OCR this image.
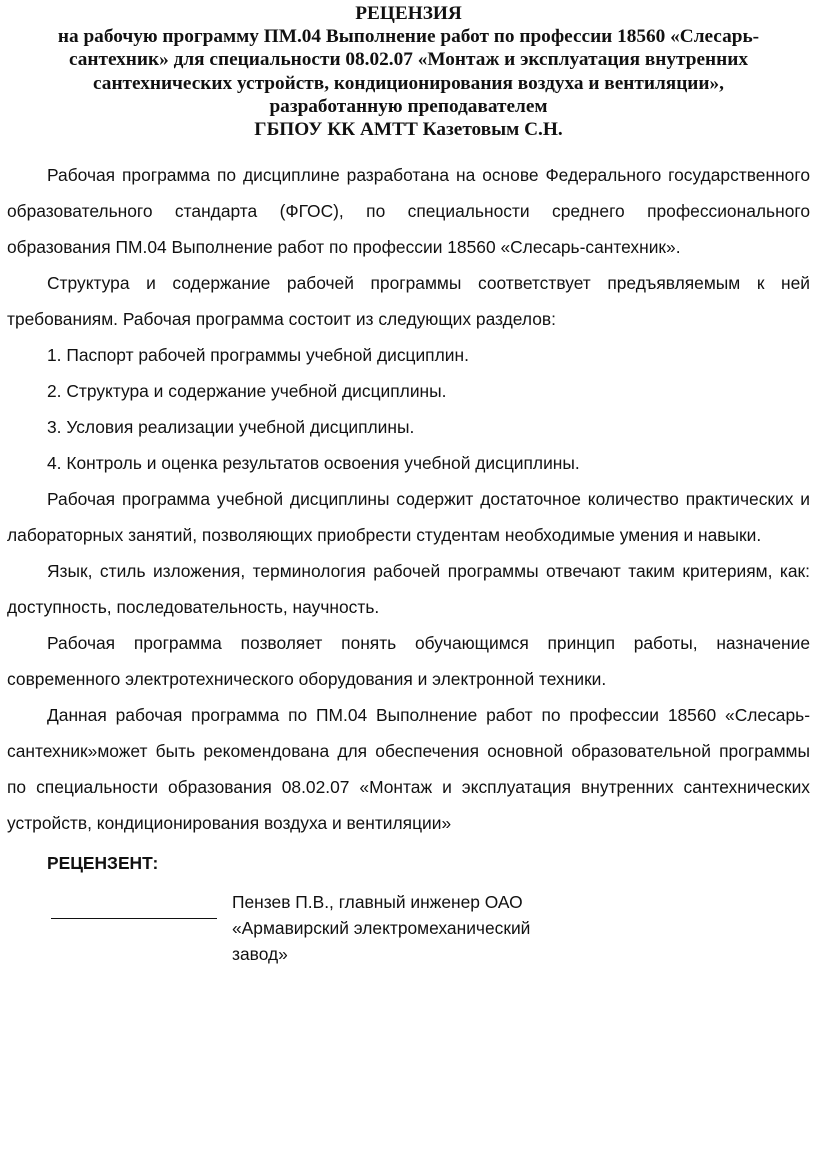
РЕЦЕНЗИЯ
на рабочую программу ПМ.04 Выполнение работ по профессии 18560 «Слесарь-
сантехник» для специальности 08.02.07 «Монтаж и эксплуатация внутренних
сантехнических устройств, кондиционирования воздуха и вентиляции»,
разработанную преподавателем
ГБПОУ КК АМТТ Казетовым С.Н.

Рабочая программа по дисциплине разработана на основе Федерального государственного образовательного стандарта (ФГОС), по специальности среднего профессионального образования ПМ.04 Выполнение работ по профессии 18560 «Слесарь-сантехник».

Структура и содержание рабочей программы соответствует предъявляемым к ней требованиям. Рабочая программа состоит из следующих разделов:

1. Паспорт рабочей программы учебной дисциплин.

2. Структура и содержание учебной дисциплины.

3. Условия реализации учебной дисциплины.

4. Контроль и оценка результатов освоения учебной дисциплины.

Рабочая программа учебной дисциплины содержит достаточное количество практических и лабораторных занятий, позволяющих приобрести студентам необходимые умения и навыки.

Язык, стиль изложения, терминология рабочей программы отвечают таким критериям, как: доступность, последовательность, научность.

Рабочая программа позволяет понять обучающимся принцип работы, назначение современного электротехнического оборудования и электронной техники.

Данная рабочая программа по ПМ.04 Выполнение работ по профессии 18560 «Слесарь-сантехник»может быть рекомендована для обеспечения основной образовательной программы по специальности образования 08.02.07 «Монтаж и эксплуатация внутренних сантехнических устройств, кондиционирования воздуха и вентиляции»

РЕЦЕНЗЕНТ:
Пензев П.В., главный инженер ОАО
«Армавирский электромеханический
завод»
